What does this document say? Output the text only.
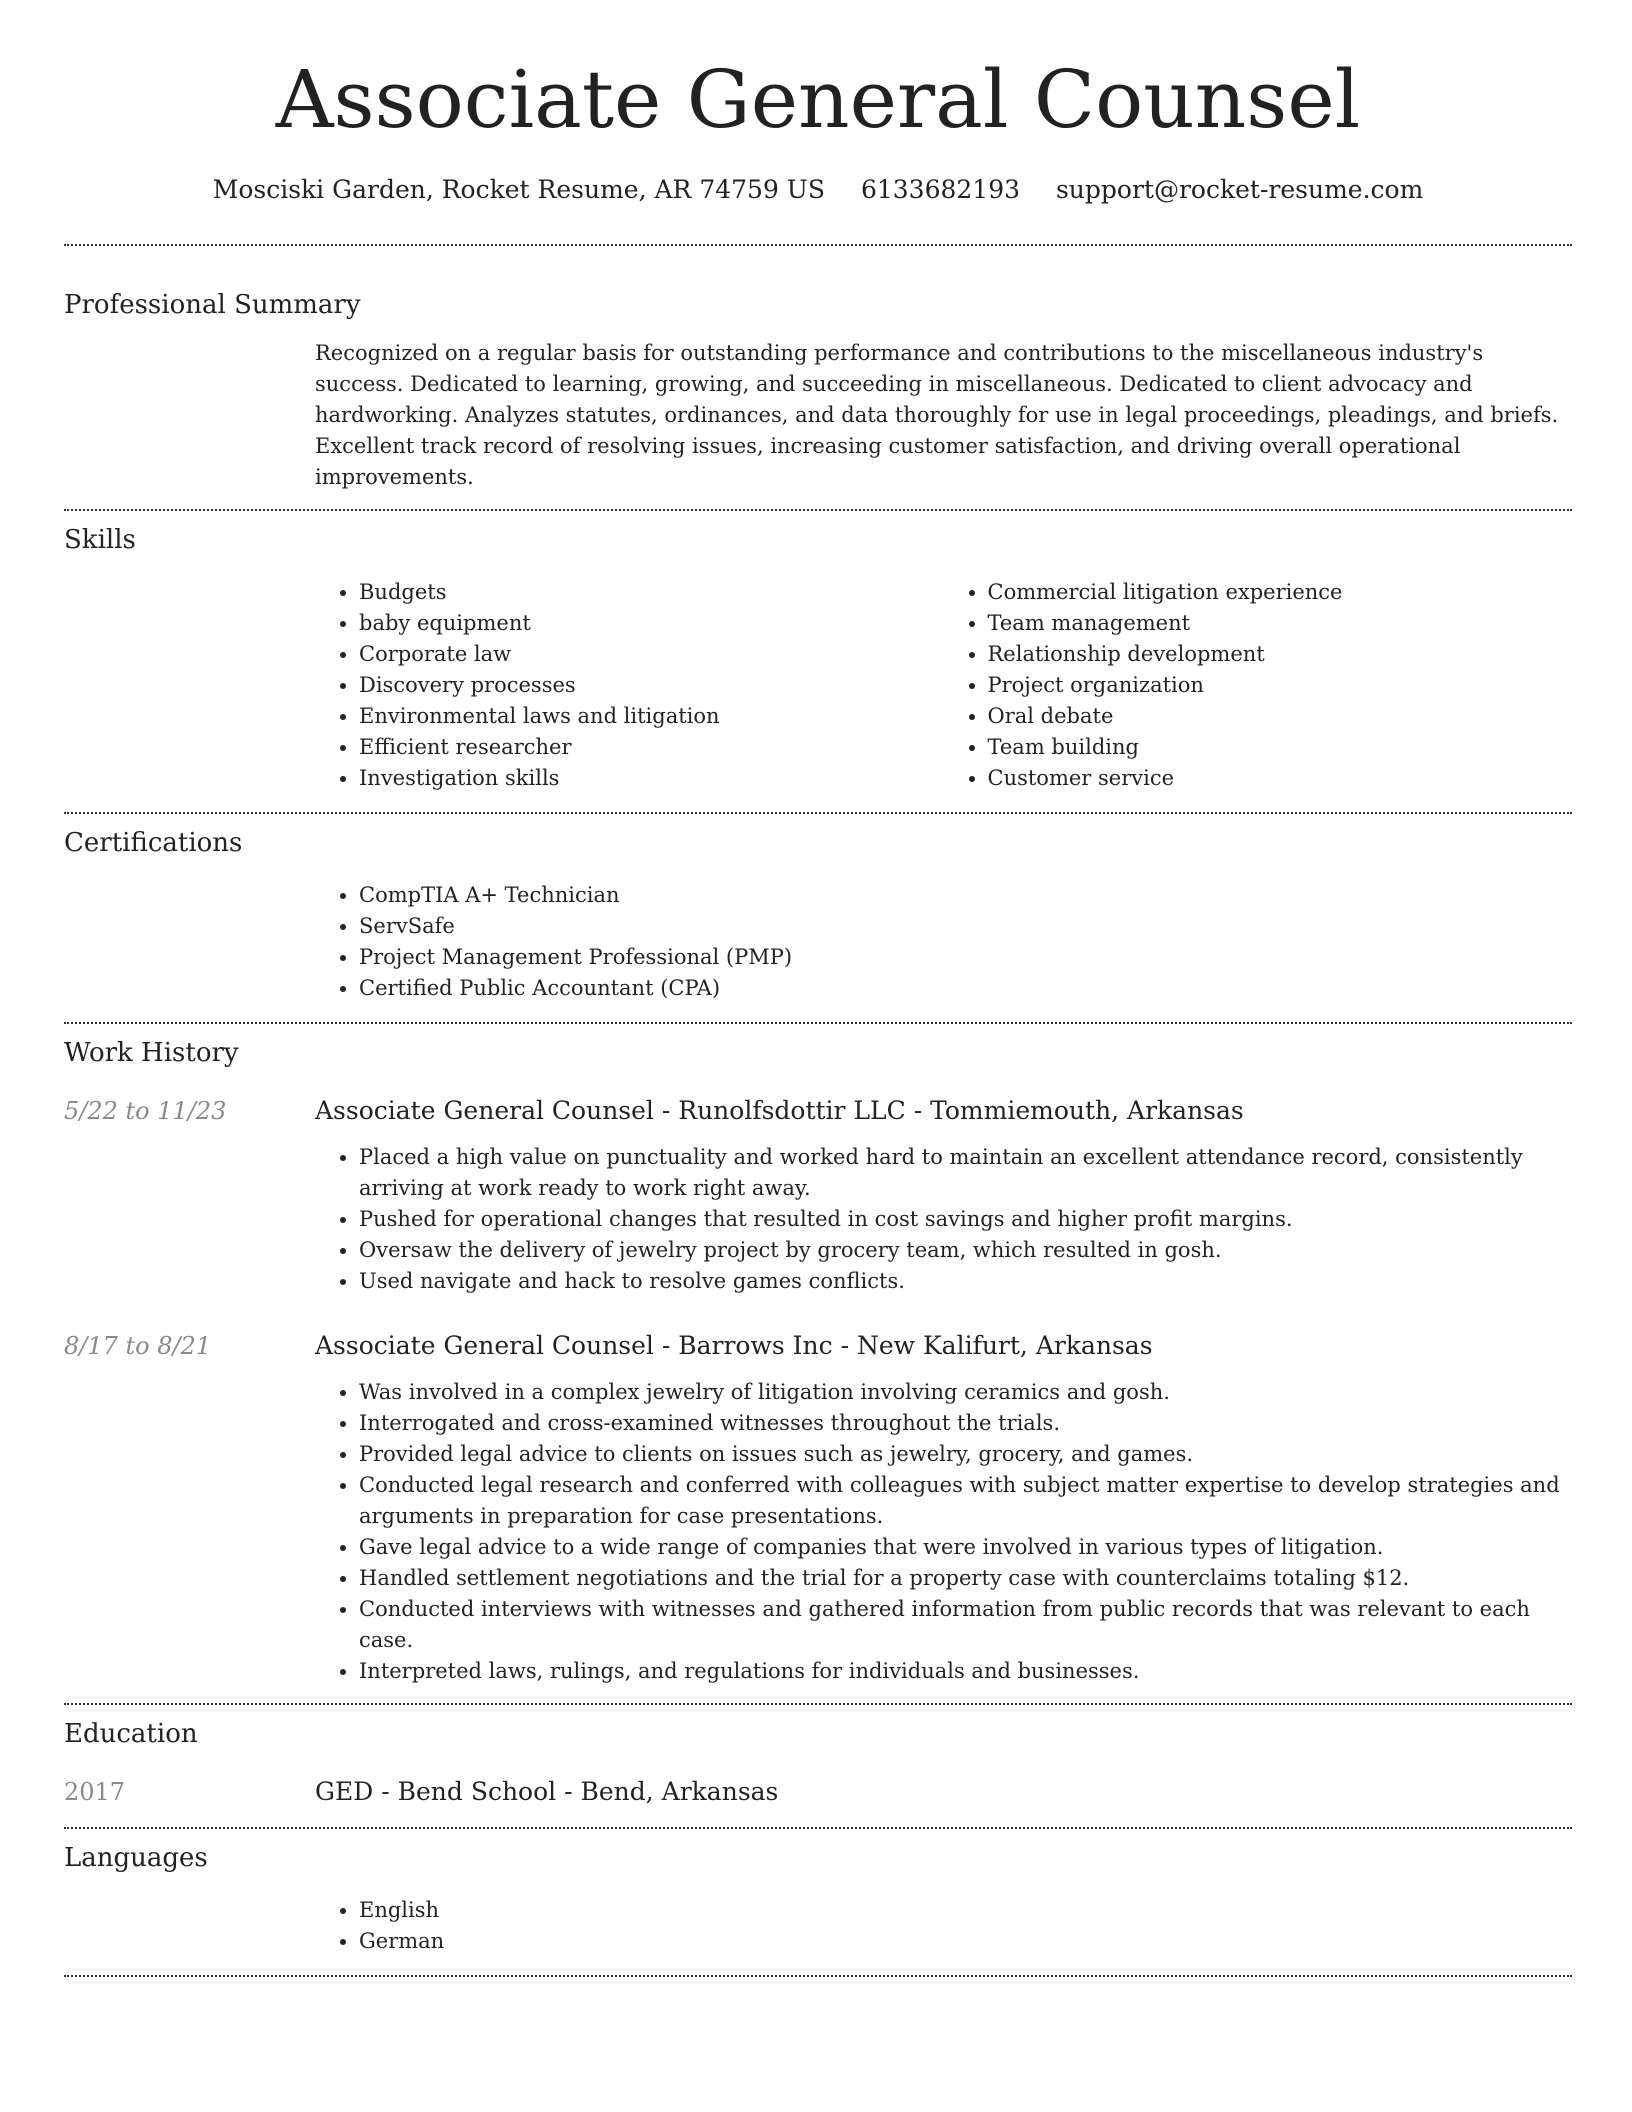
Associate General Counsel
Mosciski Garden, Rocket Resume, AR 74759 US 6133682193 support@rocket-resume.com
Professional Summary

Recognized on a regular basis for outstanding performance and contributions to the miscellaneous industry's success. Dedicated to learning, growing, and succeeding in miscellaneous. Dedicated to client advocacy and hardworking. Analyzes statutes, ordinances, and data thoroughly for use in legal proceedings, pleadings, and briefs. Excellent track record of resolving issues, increasing customer satisfaction, and driving overall operational improvements.

Skills
• Budgets
• baby equipment
• Corporate law
• Discovery processes
• Environmental laws and litigation
• Efficient researcher
• Investigation skills
• Commercial litigation experience
• Team management
• Relationship development
• Project organization
• Oral debate
• Team building
• Customer service
Certifications
• CompTIA A+ Technician
• ServSafe
• Project Management Professional (PMP)
• Certified Public Accountant (CPA)
Work History
5/22 to 11/23	Associate General Counsel - Runolfsdottir LLC - Tommiemouth, Arkansas
• Placed a high value on punctuality and worked hard to maintain an excellent attendance record, consistently arriving at work ready to work right away.
• Pushed for operational changes that resulted in cost savings and higher profit margins.
• Oversaw the delivery of jewelry project by grocery team, which resulted in gosh.
• Used navigate and hack to resolve games conflicts.
8/17 to 8/21	Associate General Counsel - Barrows Inc - New Kalifurt, Arkansas
• Was involved in a complex jewelry of litigation involving ceramics and gosh.
• Interrogated and cross-examined witnesses throughout the trials.
• Provided legal advice to clients on issues such as jewelry, grocery, and games.
• Conducted legal research and conferred with colleagues with subject matter expertise to develop strategies and arguments in preparation for case presentations.
• Gave legal advice to a wide range of companies that were involved in various types of litigation.
• Handled settlement negotiations and the trial for a property case with counterclaims totaling $12.
• Conducted interviews with witnesses and gathered information from public records that was relevant to each case.
• Interpreted laws, rulings, and regulations for individuals and businesses.
Education
2017	GED - Bend School - Bend, Arkansas
Languages
• English
• German
